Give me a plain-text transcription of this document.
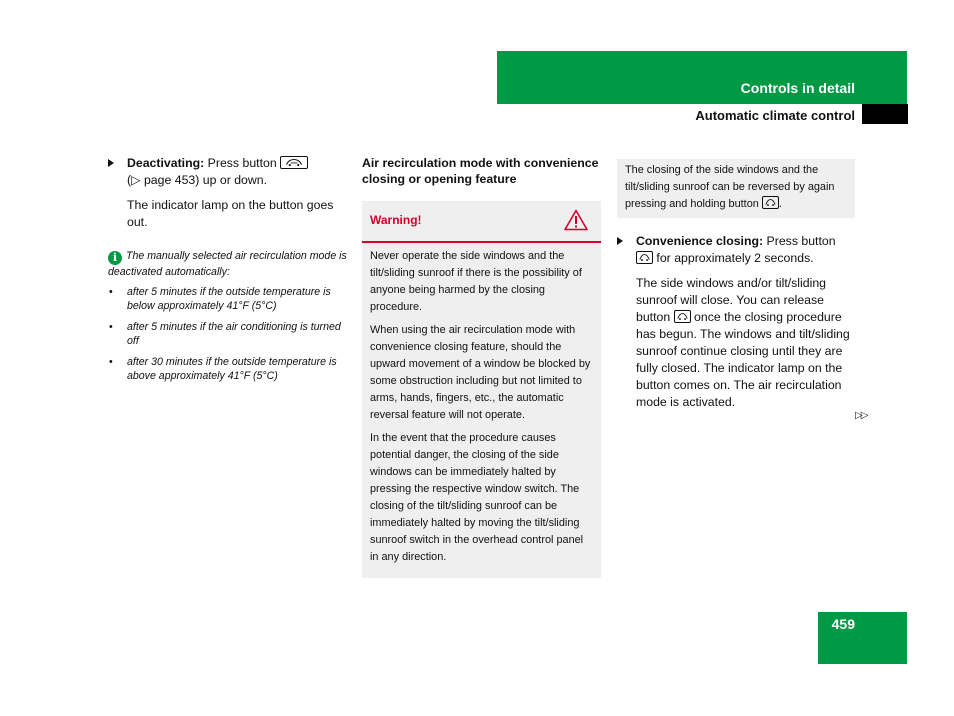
Controls in detail
Automatic climate control

Deactivating: Press button

(▷ page 453) up or down.

The indicator lamp on the button goes out.

i The manually selected air recirculation mode is deactivated automatically:
• after 5 minutes if the outside temperature is below approximately 41°F (5°C)
• after 5 minutes if the air conditioning is turned off
• after 30 minutes if the outside temperature is above approximately 41°F (5°C)
Air recirculation mode with convenience closing or opening feature
Warning!

Never operate the side windows and the tilt/sliding sunroof if there is the possibility of anyone being harmed by the closing procedure.

When using the air recirculation mode with convenience closing feature, should the upward movement of a window be blocked by some obstruction including but not limited to arms, hands, fingers, etc., the automatic reversal feature will not operate.

In the event that the procedure causes potential danger, the closing of the side windows can be immediately halted by pressing the respective window switch. The closing of the tilt/sliding sunroof can be immediately halted by moving the tilt/sliding sunroof switch in the overhead control panel in any direction.

The closing of the side windows and the tilt/sliding sunroof can be reversed by again pressing and holding button .

Convenience closing: Press button
for approximately 2 seconds.

The side windows and/or tilt/sliding sunroof will close. You can release button once the closing procedure has begun. The windows and tilt/sliding sunroof continue closing until they are fully closed. The indicator lamp on the button comes on. The air recirculation mode is activated.

▷▷
459
